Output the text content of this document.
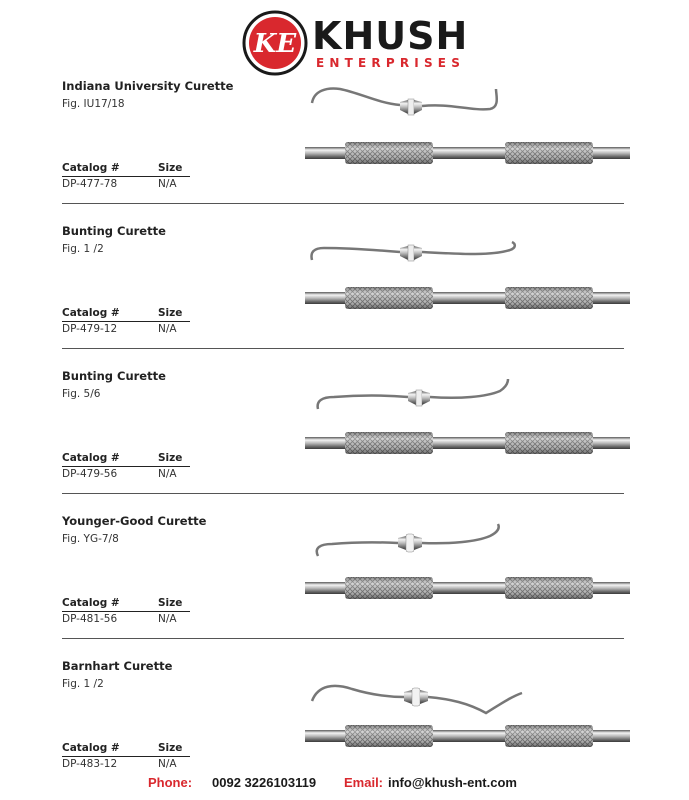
KE KHUSH
ENTERPRISES
Indiana University Curette
Fig. IU17/18
Catalog #	Size
DP-477-78	N/A
Bunting Curette
Fig. 1 /2
Catalog #	Size
DP-479-12	N/A
Bunting Curette
Fig. 5/6
Catalog #	Size
DP-479-56	N/A
Younger-Good Curette
Fig. YG-7/8
Catalog #	Size
DP-481-56	N/A
Barnhart Curette
Fig. 1 /2
Catalog #	Size
DP-483-12	N/A
Phone: 0092 3226103119 Email: info@khush-ent.com
